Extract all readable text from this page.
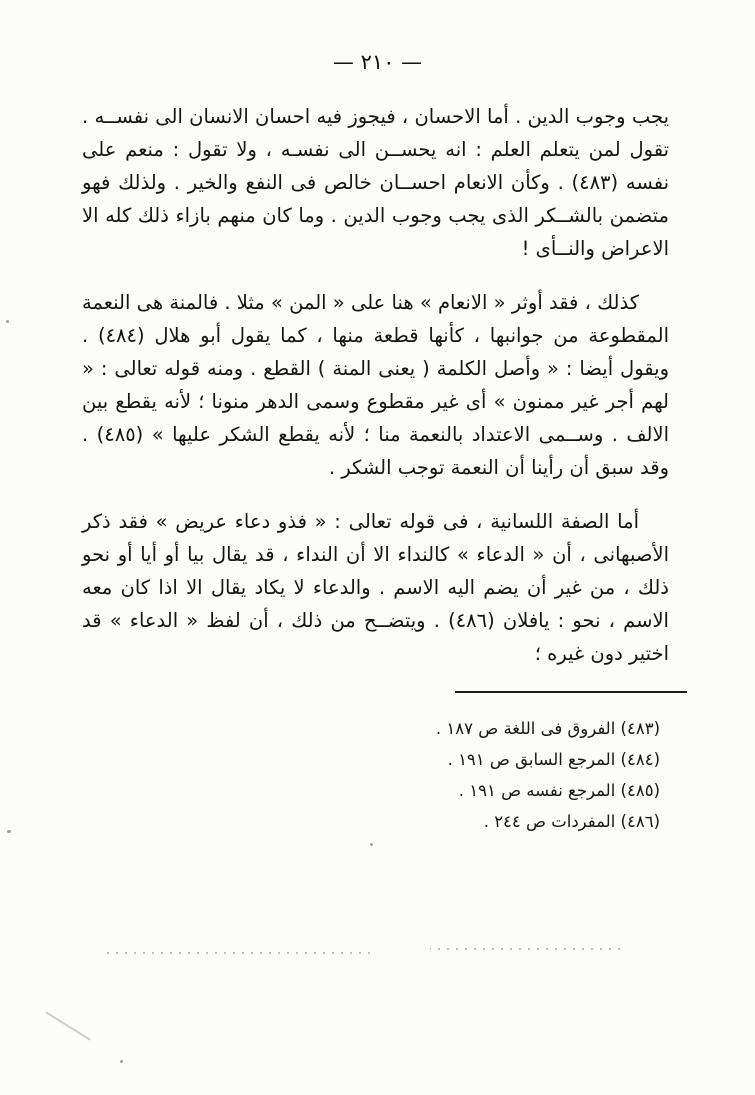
— ٢١٠ —

يجب وجوب الدين . أما الاحسان ، فيجوز فيه احسان الانسان الى نفســه . تقول لمن يتعلم العلم : انه يحســن الى نفسـه ، ولا تقول : منعم على نفسه (٤٨٣) . وكأن الانعام احســان خالص فى النفع والخير . ولذلك فهو متضمن بالشــكر الذى يجب وجوب الدين . وما كان منهم بازاء ذلك كله الا الاعراض والنــأى !

كذلك ، فقد أوثر « الانعام » هنا على « المن » مثلا . فالمنة هى النعمة المقطوعة من جوانبها ، كأنها قطعة منها ، كما يقول أبو هلال (٤٨٤) . ويقول أيضا : « وأصل الكلمة ( يعنى المنة ) القطع . ومنه قوله تعالى : « لهم أجر غير ممنون » أى غير مقطوع وسمى الدهر منونا ؛ لأنه يقطع بين الالف . وســمى الاعتداد بالنعمة منا ؛ لأنه يقطع الشكر عليها » (٤٨٥) . وقد سبق أن رأينا أن النعمة توجب الشكر .

أما الصفة اللسانية ، فى قوله تعالى : « فذو دعاء عريض » فقد ذكر الأصبهانى ، أن « الدعاء » كالنداء الا أن النداء ، قد يقال بيا أو أيا أو نحو ذلك ، من غير أن يضم اليه الاسم . والدعاء لا يكاد يقال الا اذا كان معه الاسم ، نحو : يافلان (٤٨٦) . ويتضــح من ذلك ، أن لفظ « الدعاء » قد اختير دون غيره ؛

(٤٨٣) الفروق فى اللغة ص ١٨٧ .
(٤٨٤) المرجع السابق ص ١٩١ .
(٤٨٥) المرجع نفسه ص ١٩١ .
(٤٨٦) المفردات ص ٢٤٤ .
